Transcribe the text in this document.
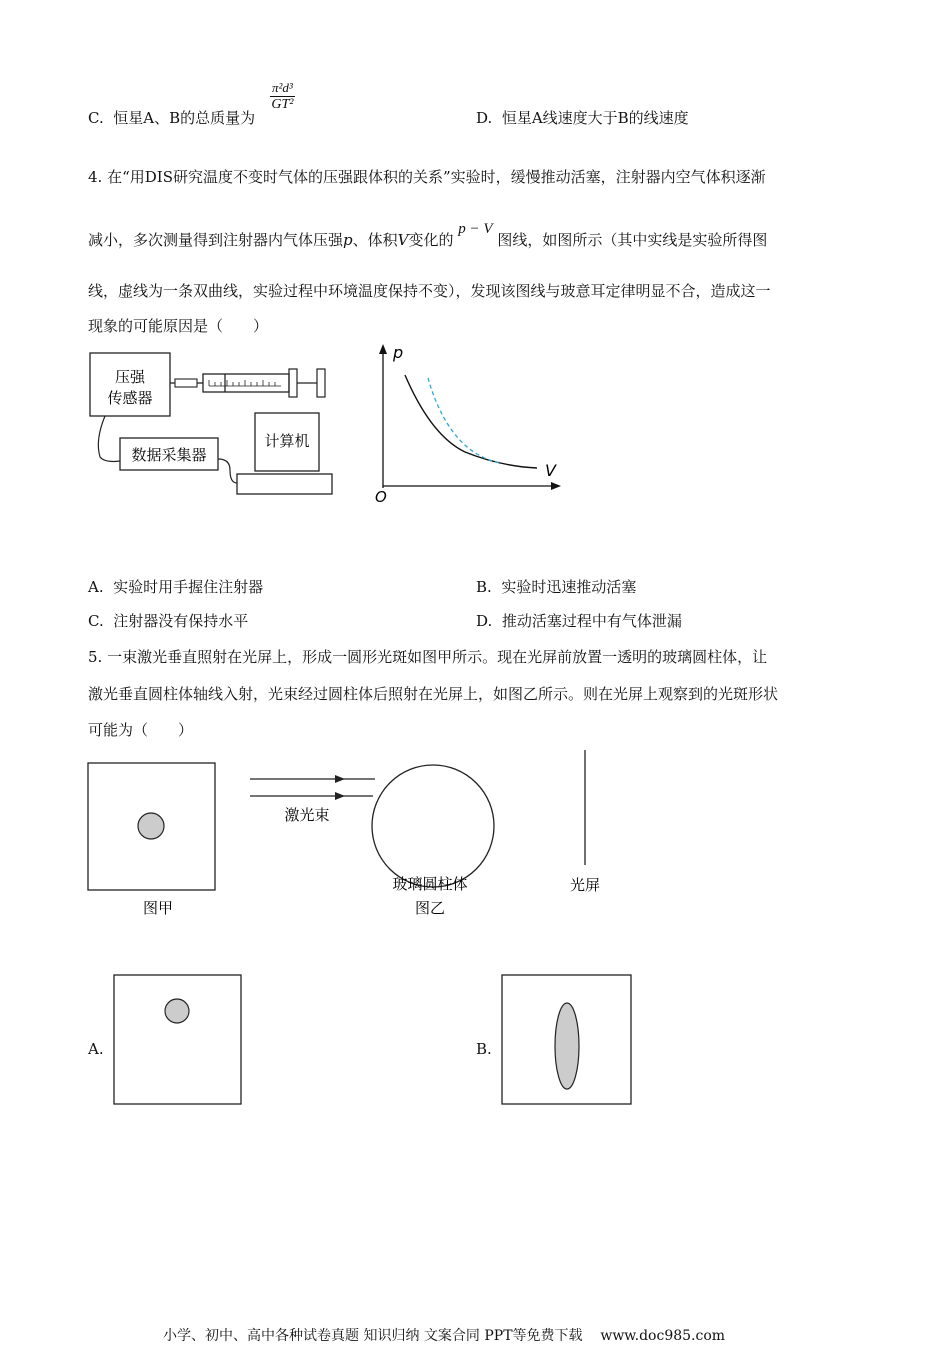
C. 恒星A、B的总质量为
$\frac{\text{π²d³}}{\text{GT²}}$
D. 恒星A线速度大于B的线速度
4. 在“用DIS研究温度不变时气体的压强跟体积的关系”实验时，缓慢推动活塞，注射器内空气体积逐渐
减小，多次测量得到注射器内气体压强p、体积V变化的 p − V 图线，如图所示（其中实线是实验所得图
线，虚线为一条双曲线，实验过程中环境温度保持不变），发现该图线与玻意耳定律明显不合，造成这一
现象的可能原因是（　　）
压强
传感器
数据采集器
计算机
p
V
O
A. 实验时用手握住注射器	B. 实验时迅速推动活塞
C. 注射器没有保持水平	D. 推动活塞过程中有气体泄漏
5. 一束激光垂直照射在光屏上，形成一圆形光斑如图甲所示。现在光屏前放置一透明的玻璃圆柱体，让
激光垂直圆柱体轴线入射，光束经过圆柱体后照射在光屏上，如图乙所示。则在光屏上观察到的光斑形状
可能为（　　）
图甲
激光束
玻璃圆柱体
图乙
光屏
A.	B.
小学、初中、高中各种试卷真题 知识归纳 文案合同 PPT等免费下载 www.doc985.com
